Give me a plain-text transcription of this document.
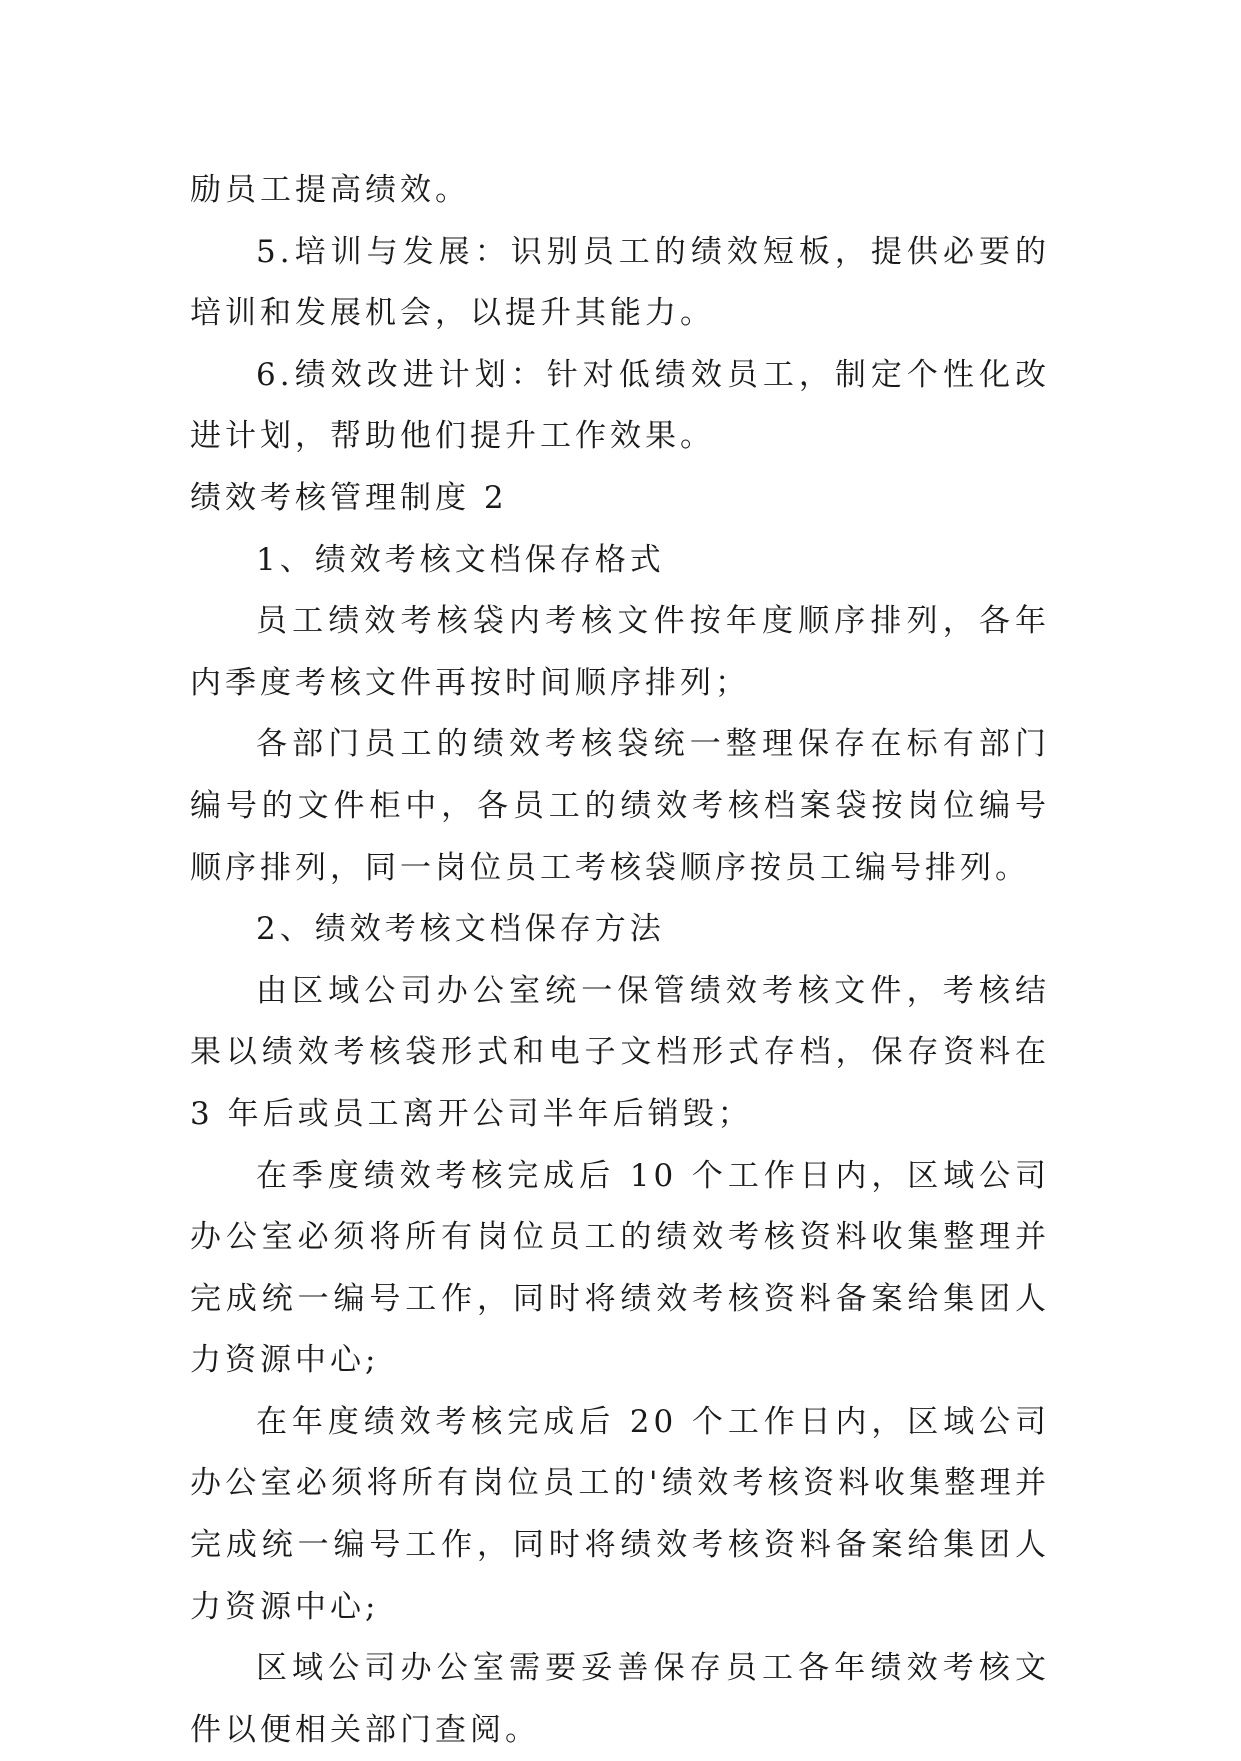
励员工提高绩效。

5.培训与发展：识别员工的绩效短板，提供必要的培训和发展机会，以提升其能力。

6.绩效改进计划：针对低绩效员工，制定个性化改进计划，帮助他们提升工作效果。

绩效考核管理制度 2

1、绩效考核文档保存格式

员工绩效考核袋内考核文件按年度顺序排列，各年内季度考核文件再按时间顺序排列；

各部门员工的绩效考核袋统一整理保存在标有部门编号的文件柜中，各员工的绩效考核档案袋按岗位编号顺序排列，同一岗位员工考核袋顺序按员工编号排列。

2、绩效考核文档保存方法

由区域公司办公室统一保管绩效考核文件，考核结果以绩效考核袋形式和电子文档形式存档，保存资料在 3 年后或员工离开公司半年后销毁；

在季度绩效考核完成后 10 个工作日内，区域公司办公室必须将所有岗位员工的绩效考核资料收集整理并完成统一编号工作，同时将绩效考核资料备案给集团人力资源中心;

在年度绩效考核完成后 20 个工作日内，区域公司办公室必须将所有岗位员工的'绩效考核资料收集整理并完成统一编号工作，同时将绩效考核资料备案给集团人力资源中心;

区域公司办公室需要妥善保存员工各年绩效考核文件以便相关部门查阅。
